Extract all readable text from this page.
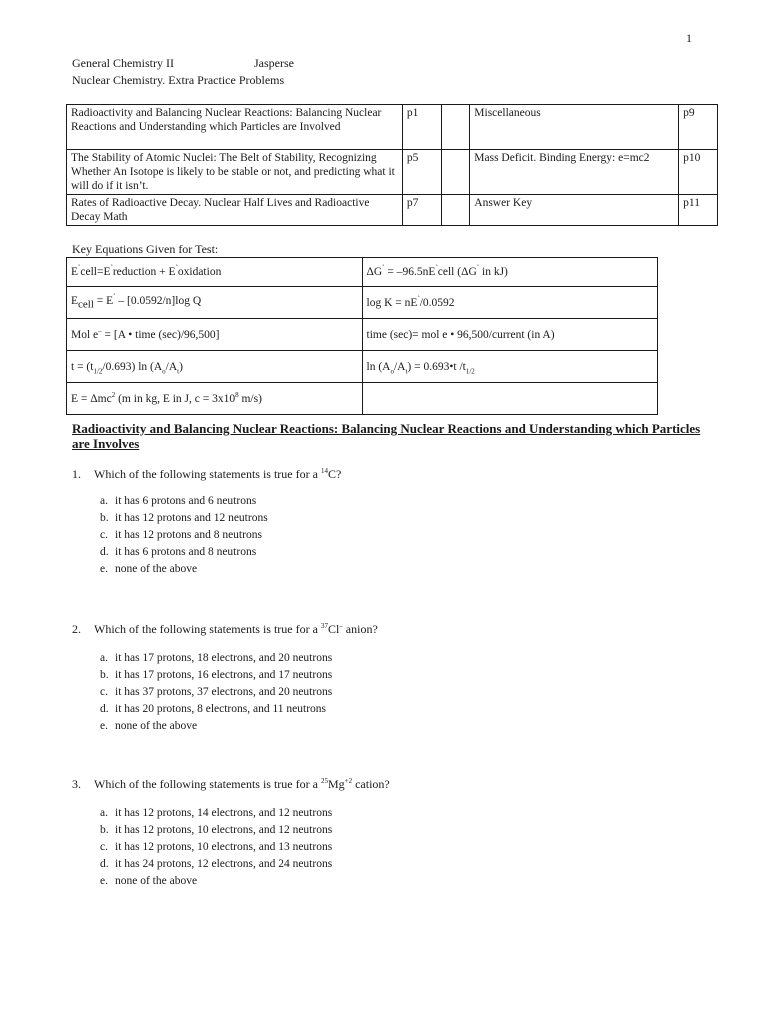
1
General Chemistry II	Jasperse
Nuclear Chemistry. Extra Practice Problems
Radioactivity and Balancing Nuclear Reactions: Balancing Nuclear Reactions and Understanding which Particles are Involved	p1		Miscellaneous	p9
The Stability of Atomic Nuclei: The Belt of Stability, Recognizing Whether An Isotope is likely to be stable or not, and predicting what it will do if it isn’t.	p5		Mass Deficit. Binding Energy: e=mc2	p10
Rates of Radioactive Decay. Nuclear Half Lives and Radioactive Decay Math	p7		Answer Key	p11
Key Equations Given for Test:
E˚cell=E˚reduction + E˚oxidation	ΔG˚ = –96.5nE˚cell (ΔG˚ in kJ)
$E_{cell} = E^˚ - [0.0592/n]\log$ Q	log K = nE˚/0.0592
Mol e– = [A • time (sec)/96,500]	time (sec)= mol e • 96,500/current (in A)
$t = (t_{1/2}/0.693)$ $\ln (A_o/A_t)$	$\ln (A_o/A_t)$ = 0.693•t $/t_{1/2}$
E = Δmc$^2$ (m in kg, E in J, $c = 3x10^8$ m/s)	
Radioactivity and Balancing Nuclear Reactions: Balancing Nuclear Reactions and Understanding which Particles are Involves
1. Which of the following statements is true for a $^{14}$C?
a. it has 6 protons and 6 neutrons
b. it has 12 protons and 12 neutrons
c. it has 12 protons and 8 neutrons
d. it has 6 protons and 8 neutrons
e. none of the above
2. Which of the following statements is true for a $^{37}$Cl– anion?
a. it has 17 protons, 18 electrons, and 20 neutrons
b. it has 17 protons, 16 electrons, and 17 neutrons
c. it has 37 protons, 37 electrons, and 20 neutrons
d. it has 20 protons, 8 electrons, and 11 neutrons
e. none of the above
3. Which of the following statements is true for a $^{25}Mg^{+2}$ cation?
a. it has 12 protons, 14 electrons, and 12 neutrons
b. it has 12 protons, 10 electrons, and 12 neutrons
c. it has 12 protons, 10 electrons, and 13 neutrons
d. it has 24 protons, 12 electrons, and 24 neutrons
e. none of the above
